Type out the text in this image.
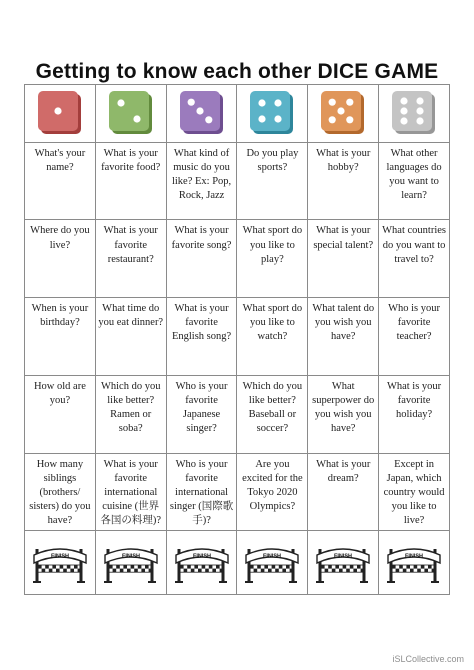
Getting to know each other DICE GAME

What's your name?	What is your favorite food?	What kind of music do you like? Ex: Pop, Rock, Jazz	Do you play sports?	What is your hobby?	What other languages do you want to learn?

Where do you live?	What is your favorite restaurant?	What is your favorite song?	What sport do you like to play?	What is your special talent?	What countries do you want to travel to?

When is your birthday?	What time do you eat dinner?	What is your favorite English song?	What sport do you like to watch?	What talent do you wish you have?	Who is your favorite teacher?

How old are you?	Which do you like better? Ramen or soba?	Who is your favorite Japanese singer?	Which do you like better? Baseball or soccer?	What superpower do you wish you have?	What is your favorite holiday?

How many siblings (brothers/ sisters) do you have?	What is your favorite international cuisine (世界各国の料理)?	Who is your favorite international singer (国際歌手)?	Are you excited for the Tokyo 2020 Olympics?	What is your dream?	Except in Japan, which country would you like to live?

FINISH	FINISH	FINISH	FINISH	FINISH	FINISH
iSLCollective.com
